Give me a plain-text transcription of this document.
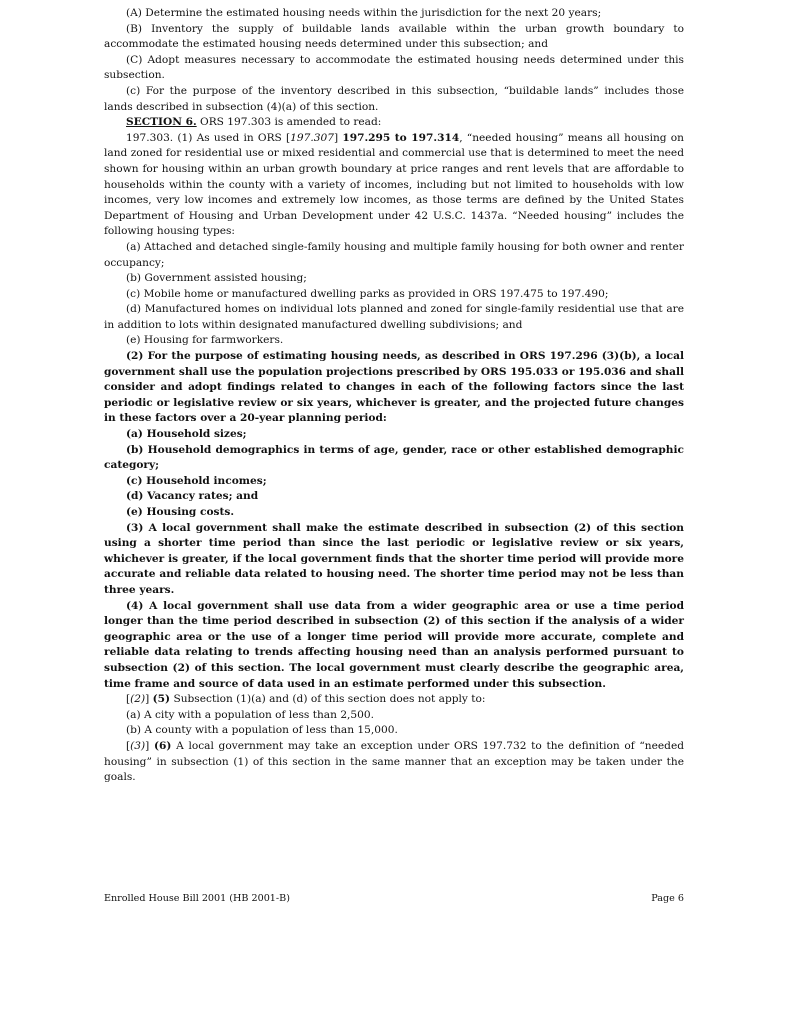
(A) Determine the estimated housing needs within the jurisdiction for the next 20 years;

(B) Inventory the supply of buildable lands available within the urban growth boundary to accommodate the estimated housing needs determined under this subsection; and

(C) Adopt measures necessary to accommodate the estimated housing needs determined under this subsection.

(c) For the purpose of the inventory described in this subsection, “buildable lands” includes those lands described in subsection (4)(a) of this section.

SECTION 6. ORS 197.303 is amended to read:

197.303. (1) As used in ORS [197.307] 197.295 to 197.314, “needed housing” means all housing on land zoned for residential use or mixed residential and commercial use that is determined to meet the need shown for housing within an urban growth boundary at price ranges and rent levels that are affordable to households within the county with a variety of incomes, including but not limited to households with low incomes, very low incomes and extremely low incomes, as those terms are defined by the United States Department of Housing and Urban Development under 42 U.S.C. 1437a. “Needed housing” includes the following housing types:

(a) Attached and detached single-family housing and multiple family housing for both owner and renter occupancy;

(b) Government assisted housing;

(c) Mobile home or manufactured dwelling parks as provided in ORS 197.475 to 197.490;

(d) Manufactured homes on individual lots planned and zoned for single-family residential use that are in addition to lots within designated manufactured dwelling subdivisions; and

(e) Housing for farmworkers.

(2) For the purpose of estimating housing needs, as described in ORS 197.296 (3)(b), a local government shall use the population projections prescribed by ORS 195.033 or 195.036 and shall consider and adopt findings related to changes in each of the following factors since the last periodic or legislative review or six years, whichever is greater, and the projected future changes in these factors over a 20-year planning period:

(a) Household sizes;

(b) Household demographics in terms of age, gender, race or other established demographic category;

(c) Household incomes;

(d) Vacancy rates; and

(e) Housing costs.

(3) A local government shall make the estimate described in subsection (2) of this section using a shorter time period than since the last periodic or legislative review or six years, whichever is greater, if the local government finds that the shorter time period will provide more accurate and reliable data related to housing need. The shorter time period may not be less than three years.

(4) A local government shall use data from a wider geographic area or use a time period longer than the time period described in subsection (2) of this section if the analysis of a wider geographic area or the use of a longer time period will provide more accurate, complete and reliable data relating to trends affecting housing need than an analysis performed pursuant to subsection (2) of this section. The local government must clearly describe the geographic area, time frame and source of data used in an estimate performed under this subsection.

[(2)] (5) Subsection (1)(a) and (d) of this section does not apply to:

(a) A city with a population of less than 2,500.

(b) A county with a population of less than 15,000.

[(3)] (6) A local government may take an exception under ORS 197.732 to the definition of “needed housing” in subsection (1) of this section in the same manner that an exception may be taken under the goals.

Enrolled House Bill 2001 (HB 2001-B)	Page 6
